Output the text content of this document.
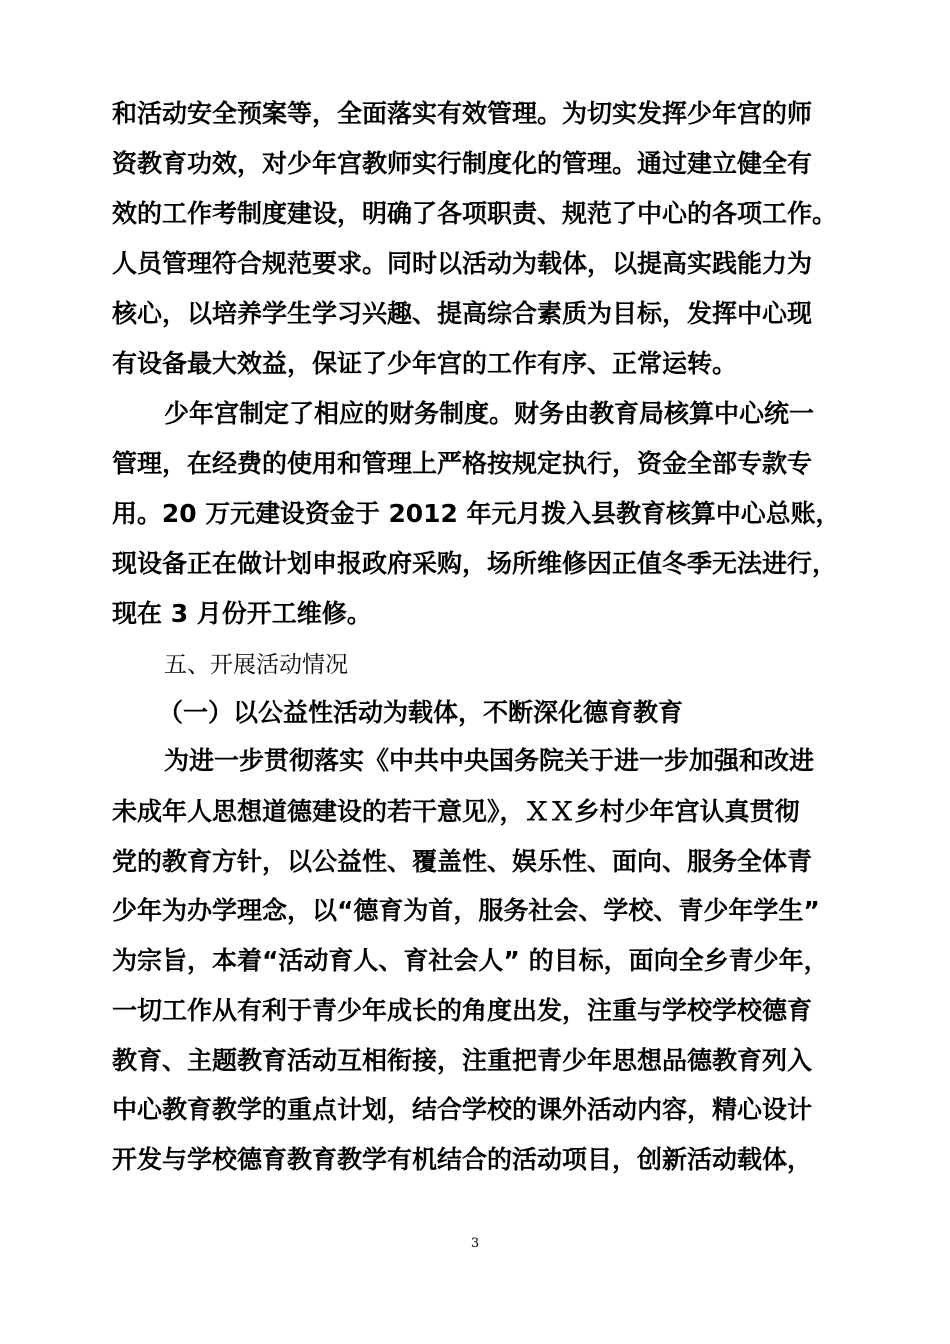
和活动安全预案等，全面落实有效管理。为切实发挥少年宫的师
资教育功效，对少年宫教师实行制度化的管理。通过建立健全有
效的工作考制度建设，明确了各项职责、规范了中心的各项工作。
人员管理符合规范要求。同时以活动为载体，以提高实践能力为
核心，以培养学生学习兴趣、提高综合素质为目标，发挥中心现
有设备最大效益，保证了少年宫的工作有序、正常运转。
少年宫制定了相应的财务制度。财务由教育局核算中心统一
管理，在经费的使用和管理上严格按规定执行，资金全部专款专
用。20 万元建设资金于 2012 年元月拨入县教育核算中心总账，
现设备正在做计划申报政府采购，场所维修因正值冬季无法进行，
现在 3 月份开工维修。
五、开展活动情况
（一）以公益性活动为载体，不断深化德育教育
为进一步贯彻落实《中共中央国务院关于进一步加强和改进
未成年人思想道德建设的若干意见》，ＸＸ乡村少年宫认真贯彻
党的教育方针，以公益性、覆盖性、娱乐性、面向、服务全体青
少年为办学理念，以“德育为首，服务社会、学校、青少年学生”
为宗旨，本着“活动育人、育社会人” 的目标，面向全乡青少年，
一切工作从有利于青少年成长的角度出发，注重与学校学校德育
教育、主题教育活动互相衔接，注重把青少年思想品德教育列入
中心教育教学的重点计划，结合学校的课外活动内容，精心设计
开发与学校德育教育教学有机结合的活动项目，创新活动载体，
3
